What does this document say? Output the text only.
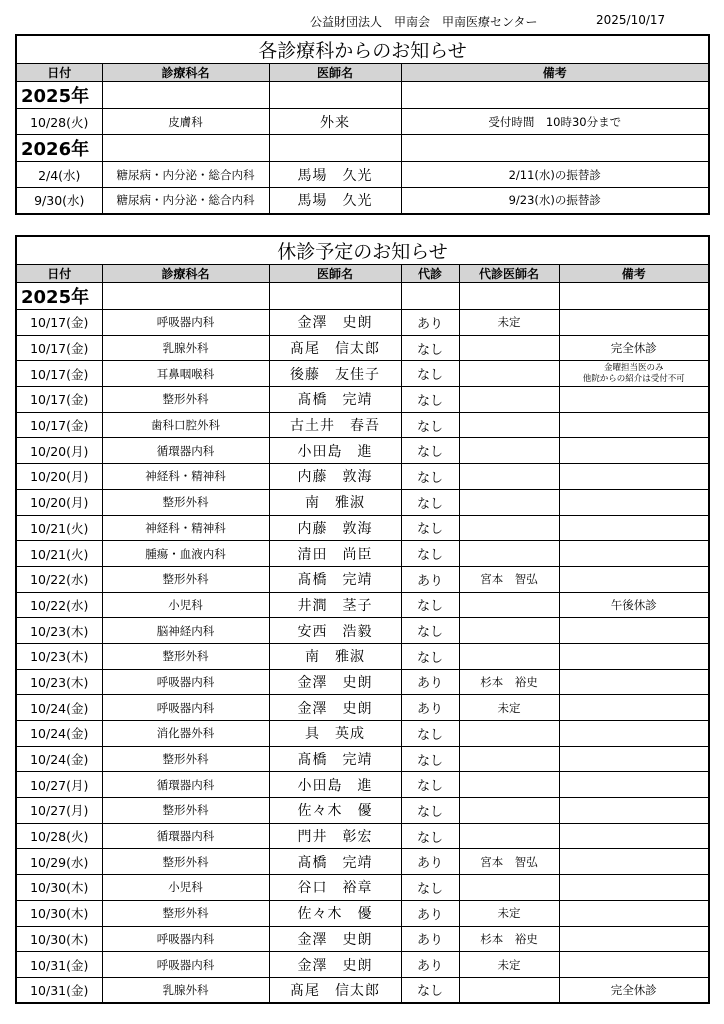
公益財団法人　甲南会　甲南医療センター	2025/10/17
各診療科からのお知らせ			
日付	診療科名	医師名	備考
2025年			
10/28(火)	皮膚科	外来	受付時間　10時30分まで
2026年			
2/4(水)	糖尿病・内分泌・総合内科	馬場　久光	2/11(水)の振替診
9/30(水)	糖尿病・内分泌・総合内科	馬場　久光	9/23(水)の振替診
休診予定のお知らせ					
日付	診療科名	医師名	代診	代診医師名	備考
2025年					
10/17(金)	呼吸器内科	金澤　史朗	あり	未定	
10/17(金)	乳腺外科	髙尾　信太郎	なし		完全休診
10/17(金)	耳鼻咽喉科	後藤　友佳子	なし		金曜担当医のみ
他院からの紹介は受付不可

10/17(金)	整形外科	髙橋　完靖	なし		
10/17(金)	歯科口腔外科	古土井　春吾	なし		
10/20(月)	循環器内科	小田島　進	なし		
10/20(月)	神経科・精神科	内藤　敦海	なし		
10/20(月)	整形外科	南　雅淑	なし		
10/21(火)	神経科・精神科	内藤　敦海	なし		
10/21(火)	腫瘍・血液内科	清田　尚臣	なし		
10/22(水)	整形外科	髙橋　完靖	あり	宮本　智弘	
10/22(水)	小児科	井澗　茎子	なし		午後休診
10/23(木)	脳神経内科	安西　浩毅	なし		
10/23(木)	整形外科	南　雅淑	なし		
10/23(木)	呼吸器内科	金澤　史朗	あり	杉本　裕史	
10/24(金)	呼吸器内科	金澤　史朗	あり	未定	
10/24(金)	消化器外科	具　英成	なし		
10/24(金)	整形外科	髙橋　完靖	なし		
10/27(月)	循環器内科	小田島　進	なし		
10/27(月)	整形外科	佐々木　優	なし		
10/28(火)	循環器内科	門井　彰宏	なし		
10/29(水)	整形外科	髙橋　完靖	あり	宮本　智弘	
10/30(木)	小児科	谷口　裕章	なし		
10/30(木)	整形外科	佐々木　優	あり	未定	
10/30(木)	呼吸器内科	金澤　史朗	あり	杉本　裕史	
10/31(金)	呼吸器内科	金澤　史朗	あり	未定	
10/31(金)	乳腺外科	髙尾　信太郎	なし		完全休診
